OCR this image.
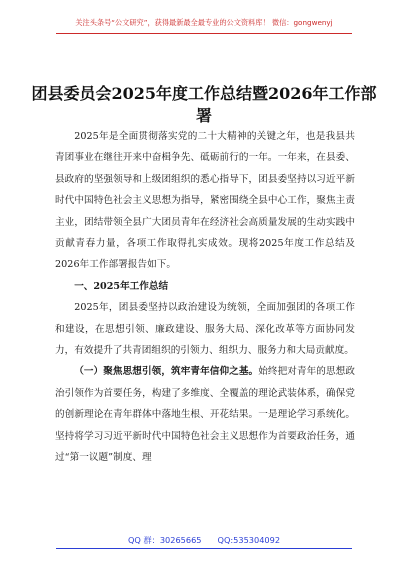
关注头条号“公文研究”，获得最新最全最专业的公文资料库！ 微信：gongwenyj
团县委员会2025年度工作总结暨2026年工作部署

2025年是全面贯彻落实党的二十大精神的关键之年，也是我县共青团事业在继往开来中奋楫争先、砥砺前行的一年。一年来，在县委、县政府的坚强领导和上级团组织的悉心指导下，团县委坚持以习近平新时代中国特色社会主义思想为指导，紧密围绕全县中心工作，聚焦主责主业，团结带领全县广大团员青年在经济社会高质量发展的生动实践中贡献青春力量，各项工作取得扎实成效。现将2025年度工作总结及2026年工作部署报告如下。

一、2025年工作总结

2025年，团县委坚持以政治建设为统领，全面加强团的各项工作和建设，在思想引领、廉政建设、服务大局、深化改革等方面协同发力，有效提升了共青团组织的引领力、组织力、服务力和大局贡献度。

（一）聚焦思想引领，筑牢青年信仰之基。始终把对青年的思想政治引领作为首要任务，构建了多维度、全覆盖的理论武装体系，确保党的创新理论在青年群体中落地生根、开花结果。一是理论学习系统化。坚持将学习习近平新时代中国特色社会主义思想作为首要政治任务，通过“第一议题”制度、理

QQ 群：30265665 QQ:535304092
